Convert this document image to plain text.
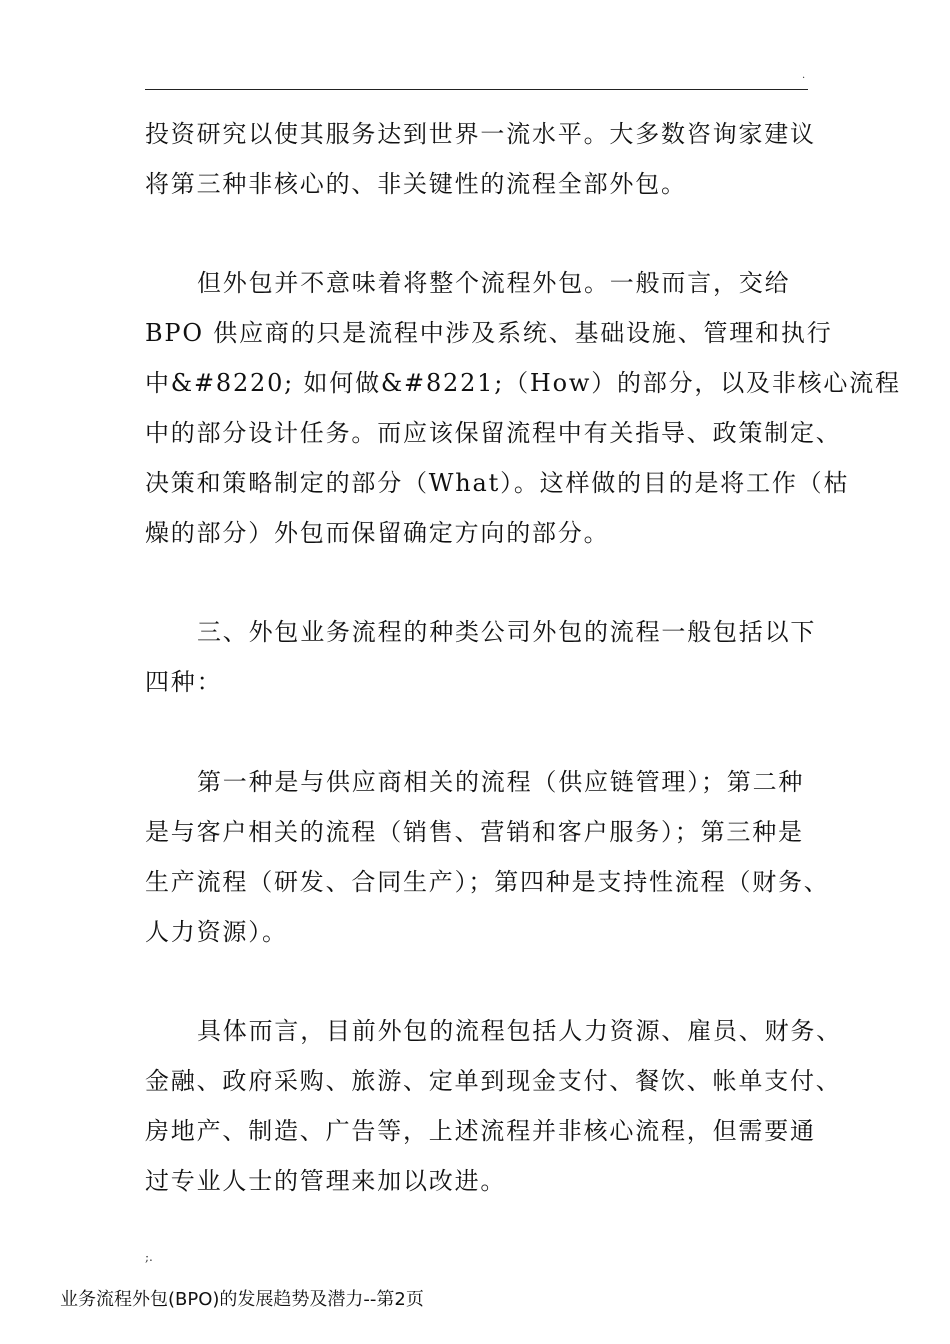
.
投资研究以使其服务达到世界一流水平。大多数咨询家建议
将第三种非核心的、非关键性的流程全部外包。
但外包并不意味着将整个流程外包。一般而言，交给
BPO 供应商的只是流程中涉及系统、基础设施、管理和执行
中&#8220; 如何做&#8221;（How）的部分，以及非核心流程
中的部分设计任务。而应该保留流程中有关指导、政策制定、
决策和策略制定的部分（What）。这样做的目的是将工作（枯
燥的部分）外包而保留确定方向的部分。
三、外包业务流程的种类公司外包的流程一般包括以下
四种：
第一种是与供应商相关的流程（供应链管理）；第二种
是与客户相关的流程（销售、营销和客户服务）；第三种是
生产流程（研发、合同生产）；第四种是支持性流程（财务、
人力资源）。
具体而言，目前外包的流程包括人力资源、雇员、财务、
金融、政府采购、旅游、定单到现金支付、餐饮、帐单支付、
房地产、制造、广告等，上述流程并非核心流程，但需要通
过专业人士的管理来加以改进。
;.
业务流程外包(BPO)的发展趋势及潜力--第2页
